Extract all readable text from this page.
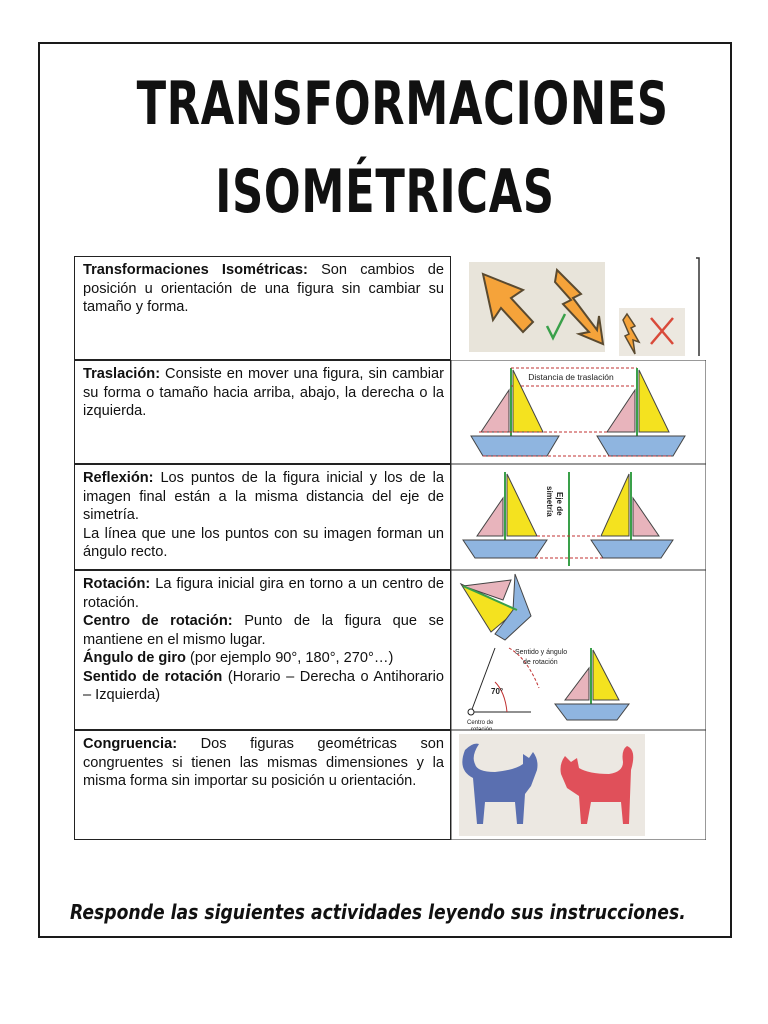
TRANSFORMACIONES
ISOMÉTRICAS

Transformaciones Isométricas: Son cambios de posición u orientación de una figura sin cambiar su tamaño y forma.

Traslación: Consiste en mover una figura, sin cambiar su forma o tamaño hacia arriba, abajo, la derecha o la izquierda.

Distancia de traslación

Reflexión: Los puntos de la figura inicial y los de la imagen final están a la misma distancia del eje de simetría.

La línea que une los puntos con su imagen forman un ángulo recto.

Eje de
simetría

Rotación: La figura inicial gira en torno a un centro de rotación.

Centro de rotación: Punto de la figura que se mantiene en el mismo lugar.

Ángulo de giro (por ejemplo 90°, 180°, 270°…)

Sentido de rotación (Horario – Derecha o Antihorario – Izquierda)

Sentido y ángulo
de rotación
70°
Centro de
rotación

Congruencia: Dos figuras geométricas son congruentes si tienen las mismas dimensiones y la misma forma sin importar su posición u orientación.

Responde las siguientes actividades leyendo sus instrucciones.
